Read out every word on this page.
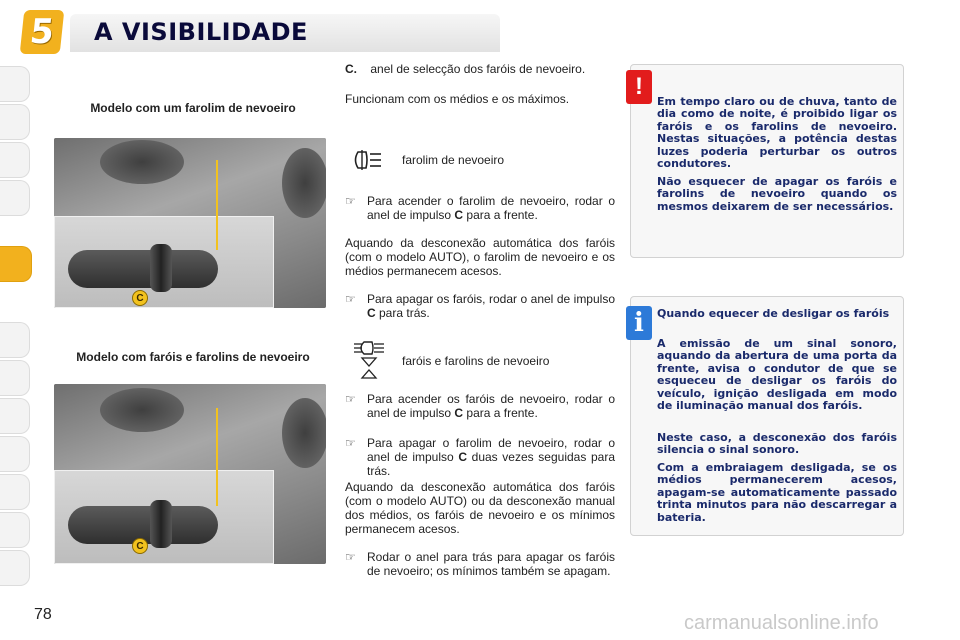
5	A VISIBILIDADE
Modelo com um farolim de nevoeiro
C
Modelo com faróis e farolins de nevoeiro
C
78
C. anel de selecção dos faróis de nevoeiro.
Funcionam com os médios e os máximos.
farolim de nevoeiro
☞ Para acender o farolim de nevoeiro, rodar o anel de impulso C para a frente.
Aquando da desconexão automática dos faróis (com o modelo AUTO), o farolim de nevoeiro e os médios permanecem acesos.
☞ Para apagar os faróis, rodar o anel de impulso C para trás.
faróis e farolins de nevoeiro
☞ Para acender os faróis de nevoeiro, rodar o anel de impulso C para a frente.
☞ Para apagar o farolim de nevoeiro, rodar o anel de impulso C duas vezes seguidas para trás.
Aquando da desconexão automática dos faróis (com o modelo AUTO) ou da desconexão manual dos médios, os faróis de nevoeiro e os mínimos permanecem acesos.
☞ Rodar o anel para trás para apagar os faróis de nevoeiro; os mínimos também se apagam.
!
Em tempo claro ou de chuva, tanto de dia como de noite, é proibido ligar os faróis e os farolins de nevoeiro. Nestas situações, a potência destas luzes poderia perturbar os outros condutores.
Não esquecer de apagar os faróis e farolins de nevoeiro quando os mesmos deixarem de ser necessários.
i	Quando equecer de desligar os faróis
A emissão de um sinal sonoro, aquando da abertura de uma porta da frente, avisa o condutor de que se esqueceu de desligar os faróis do veículo, ignição desligada em modo de iluminação manual dos faróis.
Neste caso, a desconexão dos faróis silencia o sinal sonoro.
Com a embraiagem desligada, se os médios permanecerem acesos, apagam-se automaticamente passado trinta minutos para não descarregar a bateria.
carmanualsonline.info
